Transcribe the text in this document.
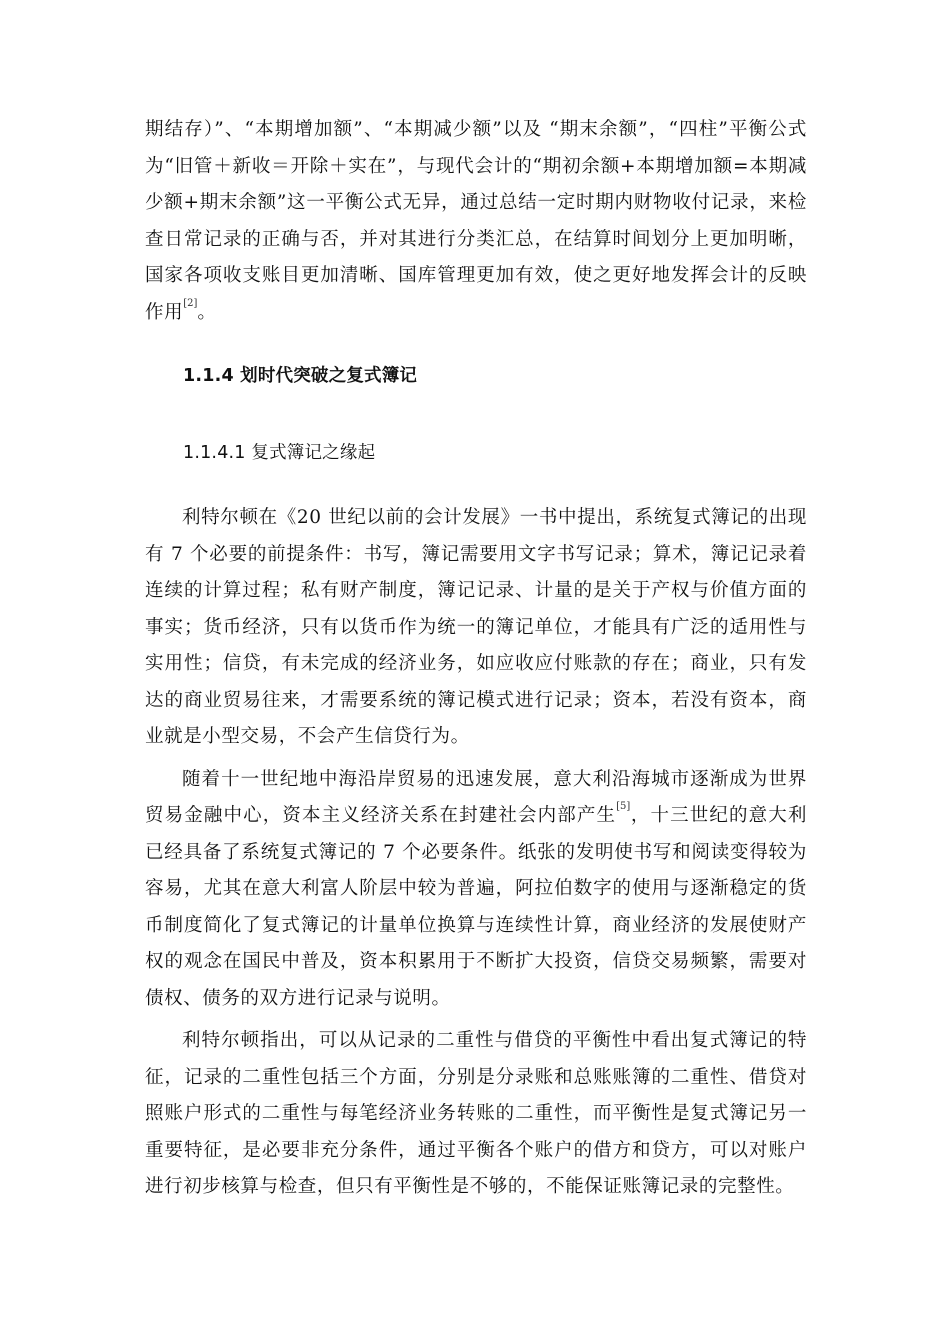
期结存）”、“本期增加额”、“本期减少额”以及 “期末余额”，“四柱”平衡公式为“旧管＋新收＝开除＋实在”，与现代会计的“期初余额+本期增加额=本期减少额+期末余额”这一平衡公式无异，通过总结一定时期内财物收付记录，来检查日常记录的正确与否，并对其进行分类汇总，在结算时间划分上更加明晰，国家各项收支账目更加清晰、国库管理更加有效，使之更好地发挥会计的反映作用[2]。

1.1.4 划时代突破之复式簿记
1.1.4.1 复式簿记之缘起

利特尔顿在《20 世纪以前的会计发展》一书中提出，系统复式簿记的出现有 7 个必要的前提条件：书写，簿记需要用文字书写记录；算术，簿记记录着连续的计算过程；私有财产制度，簿记记录、计量的是关于产权与价值方面的事实；货币经济，只有以货币作为统一的簿记单位，才能具有广泛的适用性与实用性；信贷，有未完成的经济业务，如应收应付账款的存在；商业，只有发达的商业贸易往来，才需要系统的簿记模式进行记录；资本，若没有资本，商业就是小型交易，不会产生信贷行为。

随着十一世纪地中海沿岸贸易的迅速发展，意大利沿海城市逐渐成为世界贸易金融中心，资本主义经济关系在封建社会内部产生[5]，十三世纪的意大利已经具备了系统复式簿记的 7 个必要条件。纸张的发明使书写和阅读变得较为容易，尤其在意大利富人阶层中较为普遍，阿拉伯数字的使用与逐渐稳定的货币制度简化了复式簿记的计量单位换算与连续性计算，商业经济的发展使财产权的观念在国民中普及，资本积累用于不断扩大投资，信贷交易频繁，需要对债权、债务的双方进行记录与说明。

利特尔顿指出，可以从记录的二重性与借贷的平衡性中看出复式簿记的特征，记录的二重性包括三个方面，分别是分录账和总账账簿的二重性、借贷对照账户形式的二重性与每笔经济业务转账的二重性，而平衡性是复式簿记另一重要特征，是必要非充分条件，通过平衡各个账户的借方和贷方，可以对账户进行初步核算与检查，但只有平衡性是不够的，不能保证账簿记录的完整性。
